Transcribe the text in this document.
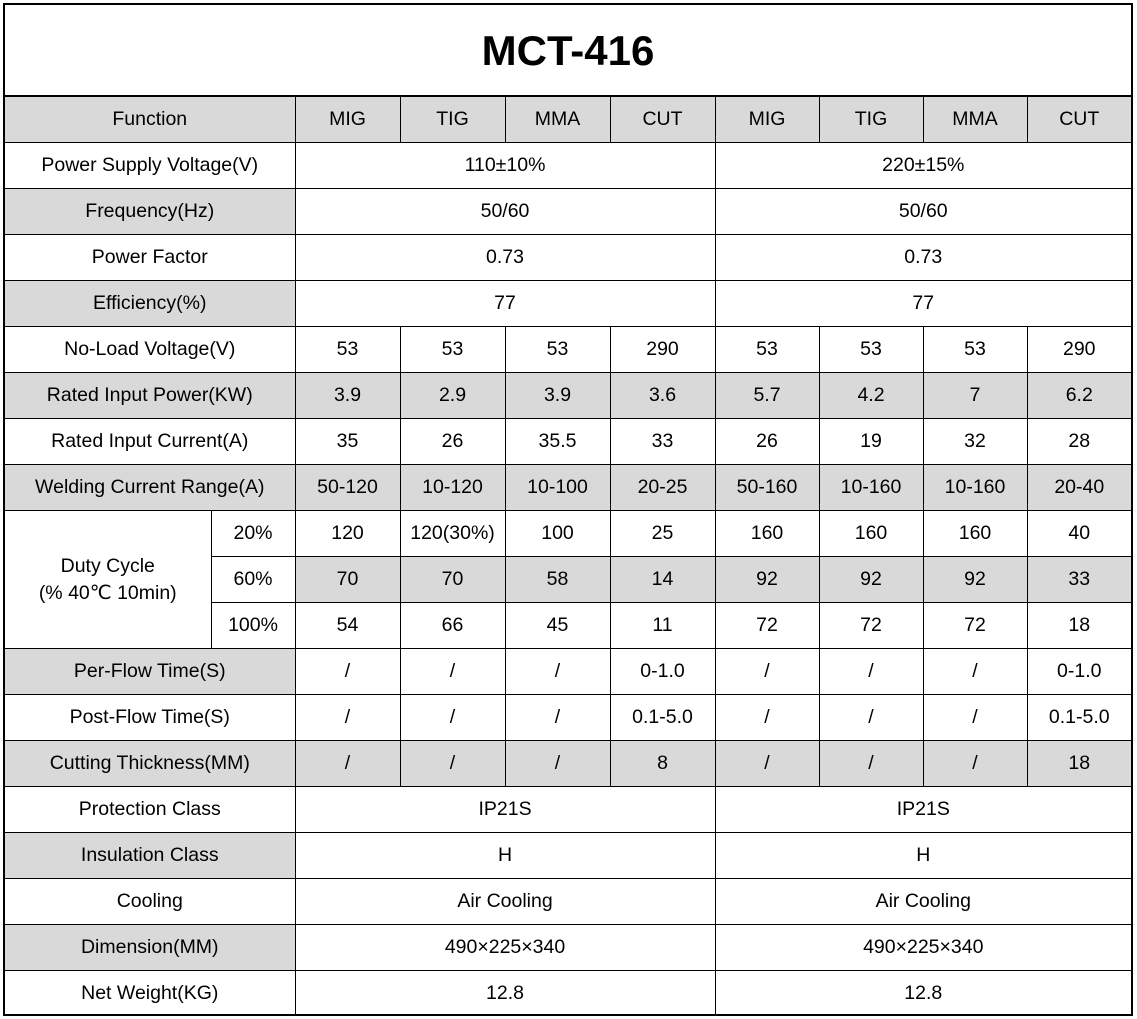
MCT-416
Function		MIG	TIG	MMA	CUT	MIG	TIG	MMA	CUT
Power Supply Voltage(V)		110±10%				220±15%			
Frequency(Hz)		50/60				50/60			
Power Factor		0.73				0.73			
Efficiency(%)		77				77			
No-Load Voltage(V)		53	53	53	290	53	53	53	290
Rated Input Power(KW)		3.9	2.9	3.9	3.6	5.7	4.2	7	6.2
Rated Input Current(A)		35	26	35.5	33	26	19	32	28
Welding Current Range(A)		50-120	10-120	10-100	20-25	50-160	10-160	10-160	20-40

Duty Cycle
(% 40℃ 10min)	20%	120	120(30%)	100	25	160	160	160	40
	60%	70	70	58	14	92	92	92	33
	100%	54	66	45	11	72	72	72	18
Per-Flow Time(S)		/	/	/	0-1.0	/	/	/	0-1.0
Post-Flow Time(S)		/	/	/	0.1-5.0	/	/	/	0.1-5.0
Cutting Thickness(MM)		/	/	/	8	/	/	/	18
Protection Class		IP21S				IP21S			
Insulation Class		H				H			
Cooling		Air Cooling				Air Cooling			
Dimension(MM)		490×225×340				490×225×340			
Net Weight(KG)		12.8				12.8			
